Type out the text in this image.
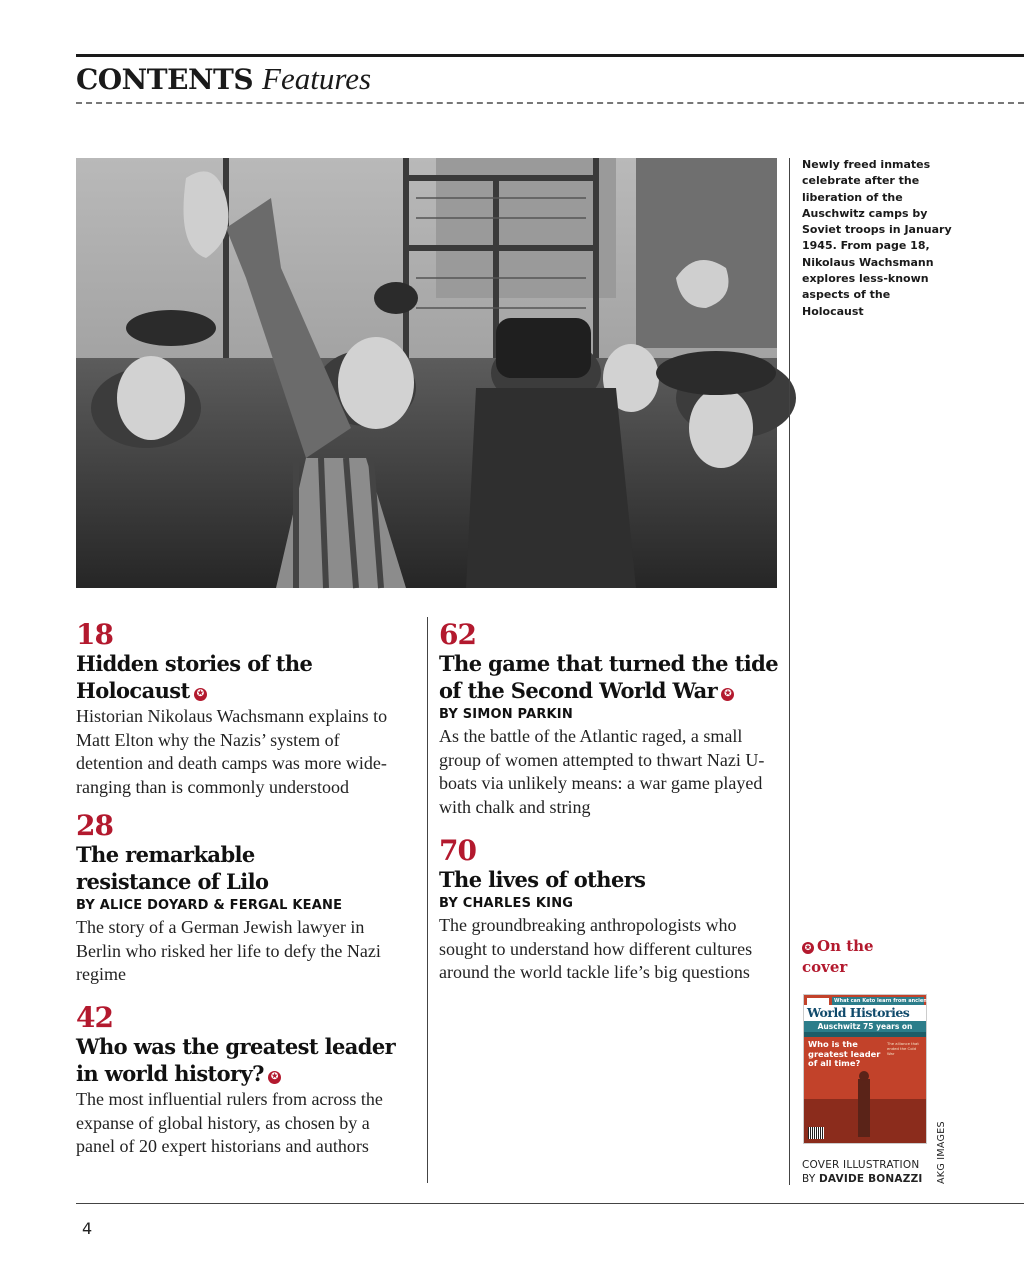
CONTENTS Features
Newly freed inmates celebrate after the liberation of the Auschwitz camps by Soviet troops in January 1945. From page 18, Nikolaus Wachsmann explores less-known aspects of the Holocaust
18
Hidden stories of the Holocaust ✪
Historian Nikolaus Wachsmann explains to Matt Elton why the Nazis’ system of detention and death camps was more wide-ranging than is commonly understood
28
The remarkable resistance of Lilo
BY ALICE DOYARD & FERGAL KEANE
The story of a German Jewish lawyer in Berlin who risked her life to defy the Nazi regime
42
Who was the greatest leader in world history? ✪
The most influential rulers from across the expanse of global history, as chosen by a panel of 20 expert historians and authors
62
The game that turned the tide of the Second World War ✪
BY SIMON PARKIN
As the battle of the Atlantic raged, a small group of women attempted to thwart Nazi U-boats via unlikely means: a war game played with chalk and string
70
The lives of others
BY CHARLES KING
The groundbreaking anthropologists who sought to understand how different cultures around the world tackle life’s big questions
✪ On the cover
What can Keto learn from ancient Athens?
World Histories
Auschwitz 75 years on
Who is the greatest leader of all time?
The alliance that ended the Cold War
COVER ILLUSTRATION
BY DAVIDE BONAZZI	AKG IMAGES
4
